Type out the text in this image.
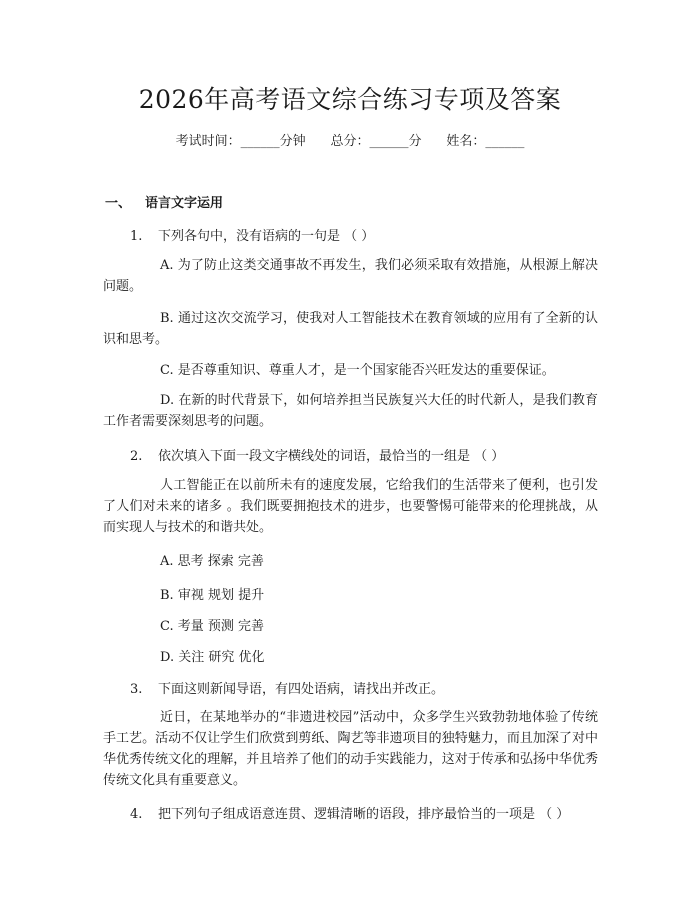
2026年高考语文综合练习专项及答案
考试时间：______分钟 总分：______分 姓名：______
一、 语言文字运用
1. 下列各句中，没有语病的一句是 （ ）
A. 为了防止这类交通事故不再发生，我们必须采取有效措施，从根源上解决问题。
B. 通过这次交流学习，使我对人工智能技术在教育领域的应用有了全新的认识和思考。
C. 是否尊重知识、尊重人才，是一个国家能否兴旺发达的重要保证。
D. 在新的时代背景下，如何培养担当民族复兴大任的时代新人，是我们教育工作者需要深刻思考的问题。
2. 依次填入下面一段文字横线处的词语，最恰当的一组是 （ ）
人工智能正在以前所未有的速度发展，它给我们的生活带来了便利，也引发了人们对未来的诸多 。我们既要拥抱技术的进步，也要警惕可能带来的伦理挑战，从而实现人与技术的和谐共处。
A. 思考 探索 完善
B. 审视 规划 提升
C. 考量 预测 完善
D. 关注 研究 优化
3. 下面这则新闻导语，有四处语病，请找出并改正。
近日，在某地举办的“非遗进校园”活动中，众多学生兴致勃勃地体验了传统手工艺。活动不仅让学生们欣赏到剪纸、陶艺等非遗项目的独特魅力，而且加深了对中华优秀传统文化的理解，并且培养了他们的动手实践能力，这对于传承和弘扬中华优秀传统文化具有重要意义。
4. 把下列句子组成语意连贯、逻辑清晰的语段，排序最恰当的一项是 （ ）
